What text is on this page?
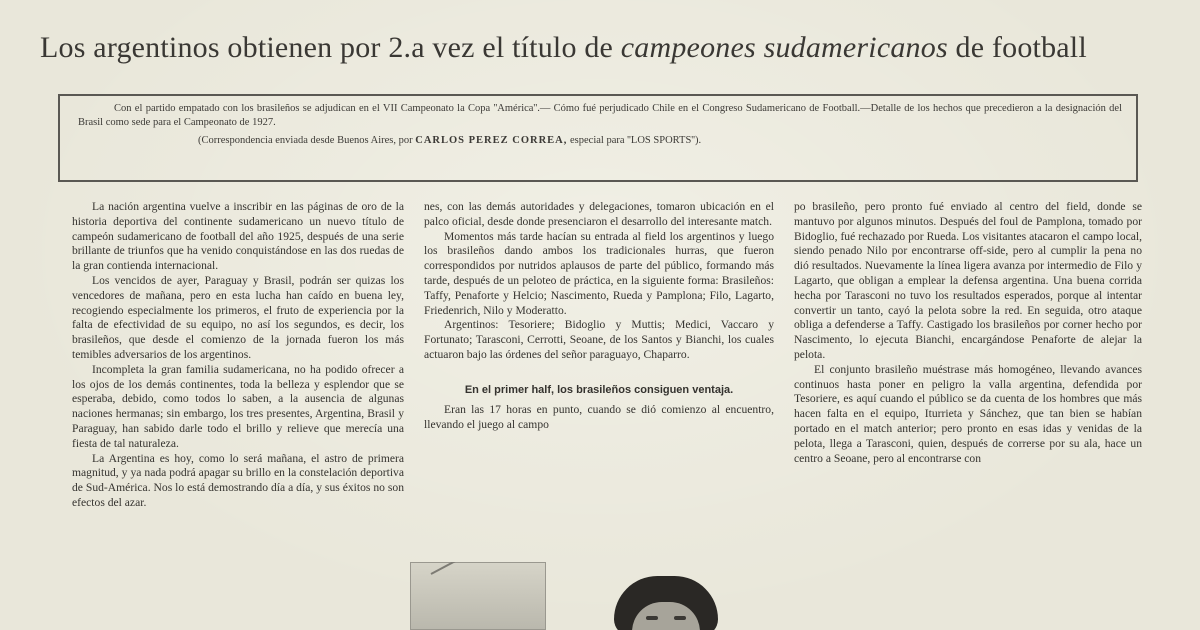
Los argentinos obtienen por 2.a vez el título de campeones sudamericanos de football

Con el partido empatado con los brasileños se adjudican en el VII Campeonato la Copa ''América''.— Cómo fué perjudicado Chile en el Congreso Sudamericano de Football.—Detalle de los hechos que precedieron a la designación del Brasil como sede para el Campeonato de 1927.

(Correspondencia enviada desde Buenos Aires, por CARLOS PEREZ CORREA, especial para ''LOS SPORTS'').

La nación argentina vuelve a inscribir en las páginas de oro de la historia deportiva del continente sudamericano un nuevo título de campeón sudamericano de football del año 1925, después de una serie brillante de triunfos que ha venido conquistándose en las dos ruedas de la gran contienda internacional.

Los vencidos de ayer, Paraguay y Brasil, podrán ser quizas los vencedores de mañana, pero en esta lucha han caído en buena ley, recogiendo especialmente los primeros, el fruto de experiencia por la falta de efectividad de su equipo, no así los segundos, es decir, los brasileños, que desde el comienzo de la jornada fueron los más temibles adversarios de los argentinos.

Incompleta la gran familia sudamericana, no ha podido ofrecer a los ojos de los demás continentes, toda la belleza y esplendor que se esperaba, debido, como todos lo saben, a la ausencia de algunas naciones hermanas; sin embargo, los tres presentes, Argentina, Brasil y Paraguay, han sabido darle todo el brillo y relieve que merecía una fiesta de tal naturaleza.

La Argentina es hoy, como lo será mañana, el astro de primera magnitud, y ya nada podrá apagar su brillo en la constelación deportiva de Sud-América. Nos lo está demostrando día a día, y sus éxitos no son efectos del azar.

nes, con las demás autoridades y delegaciones, tomaron ubicación en el palco oficial, desde donde presenciaron el desarrollo del interesante match.

Momentos más tarde hacían su entrada al field los argentinos y luego los brasileños dando ambos los tradicionales hurras, que fueron correspondidos por nutridos aplausos de parte del público, formando más tarde, después de un peloteo de práctica, en la siguiente forma: Brasileños: Taffy, Penaforte y Helcio; Nascimento, Rueda y Pamplona; Filo, Lagarto, Friedenrich, Nilo y Moderatto.

Argentinos: Tesoriere; Bidoglio y Muttis; Medici, Vaccaro y Fortunato; Tarasconi, Cerrotti, Seoane, de los Santos y Bianchi, los cuales actuaron bajo las órdenes del señor paraguayo, Chaparro.

En el primer half, los brasileños consiguen ventaja.

Eran las 17 horas en punto, cuando se dió comienzo al encuentro, llevando el juego al campo

po brasileño, pero pronto fué enviado al centro del field, donde se mantuvo por algunos minutos. Después del foul de Pamplona, tomado por Bidoglio, fué rechazado por Rueda. Los visitantes atacaron el campo local, siendo penado Nilo por encontrarse off-side, pero al cumplir la pena no dió resultados. Nuevamente la línea ligera avanza por intermedio de Filo y Lagarto, que obligan a emplear la defensa argentina. Una buena corrida hecha por Tarasconi no tuvo los resultados esperados, porque al intentar convertir un tanto, cayó la pelota sobre la red. En seguida, otro ataque obliga a defenderse a Taffy. Castigado los brasileños por corner hecho por Nascimento, lo ejecuta Bianchi, encargándose Penaforte de alejar la pelota.

El conjunto brasileño muéstrase más homogéneo, llevando avances continuos hasta poner en peligro la valla argentina, defendida por Tesoriere, es aquí cuando el público se da cuenta de los hombres que más hacen falta en el equipo, Iturrieta y Sánchez, que tan bien se habían portado en el match anterior; pero pronto en esas idas y venidas de la pelota, llega a Tarasconi, quien, después de correrse por su ala, hace un centro a Seoane, pero al encontrarse con
